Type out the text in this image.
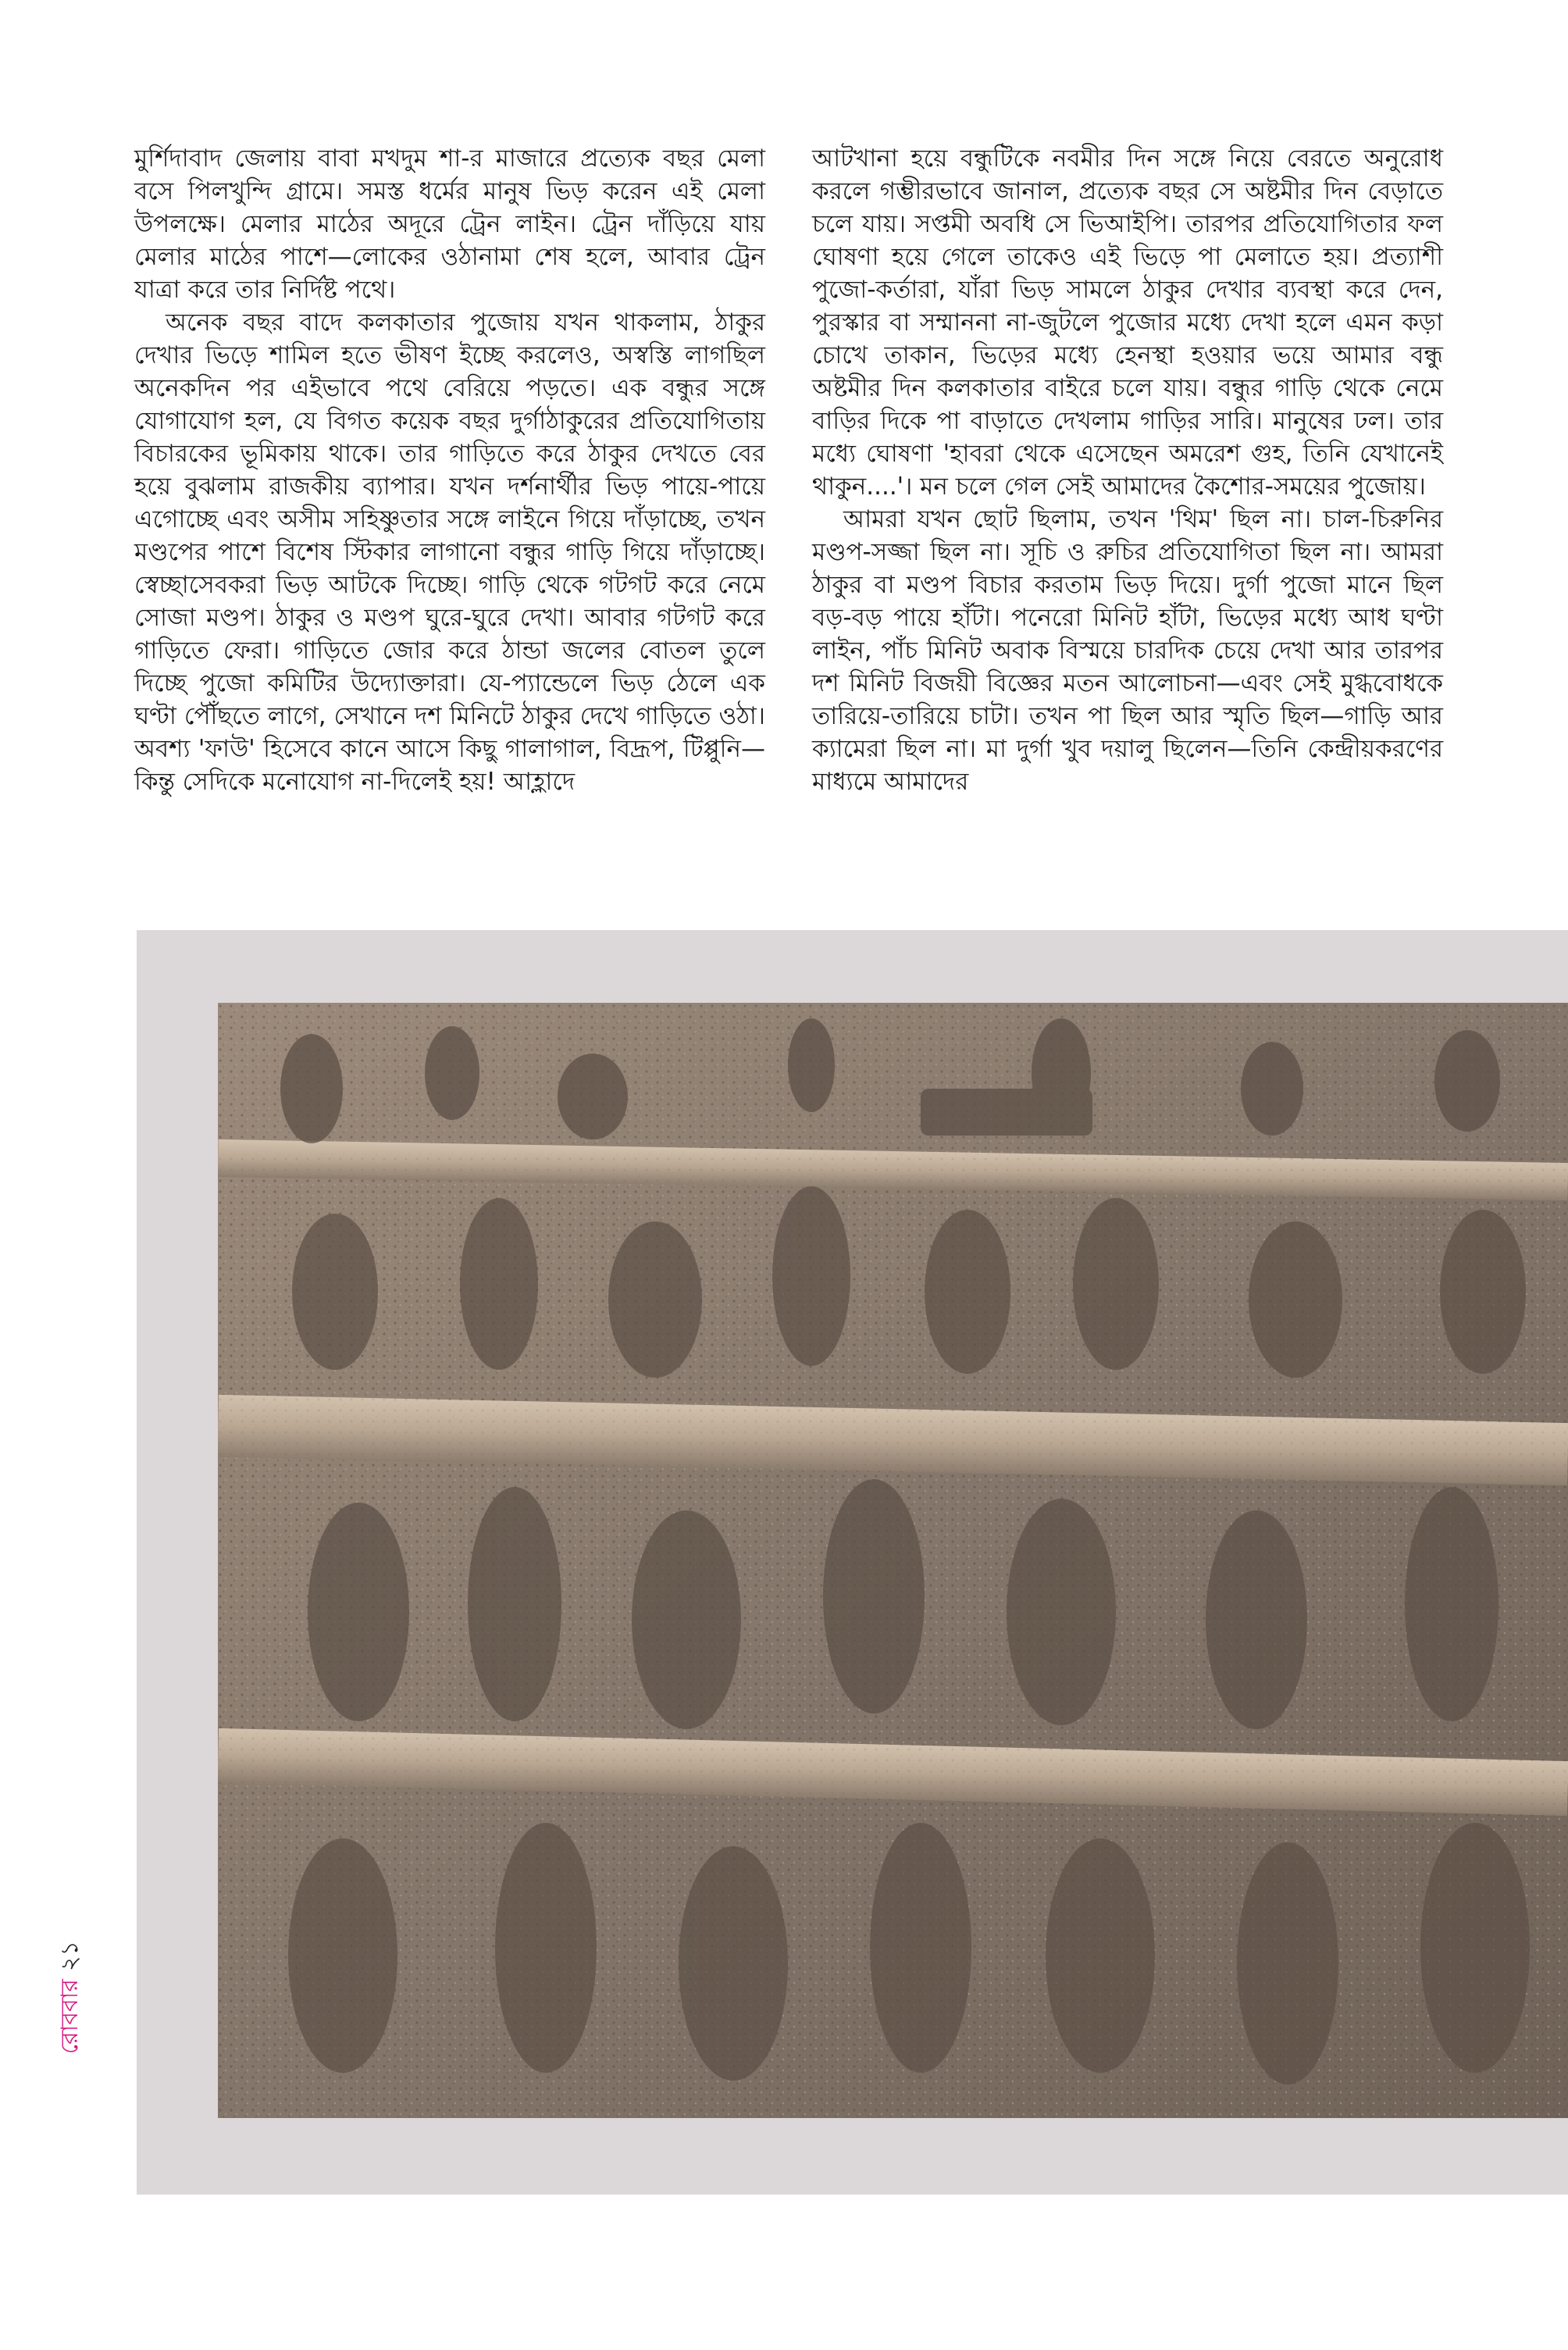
মুর্শিদাবাদ জেলায় বাবা মখদুম শা-র মাজারে প্রত্যেক বছর মেলা বসে পিলখুন্দি গ্রামে। সমস্ত ধর্মের মানুষ ভিড় করেন এই মেলা উপলক্ষে। মেলার মাঠের অদূরে ট্রেন লাইন। ট্রেন দাঁড়িয়ে যায় মেলার মাঠের পাশে—লোকের ওঠানামা শেষ হলে, আবার ট্রেন যাত্রা করে তার নির্দিষ্ট পথে।

অনেক বছর বাদে কলকাতার পুজোয় যখন থাকলাম, ঠাকুর দেখার ভিড়ে শামিল হতে ভীষণ ইচ্ছে করলেও, অস্বস্তি লাগছিল অনেকদিন পর এইভাবে পথে বেরিয়ে পড়তে। এক বন্ধুর সঙ্গে যোগাযোগ হল, যে বিগত কয়েক বছর দুর্গাঠাকুরের প্রতিযোগিতায় বিচারকের ভূমিকায় থাকে। তার গাড়িতে করে ঠাকুর দেখতে বের হয়ে বুঝলাম রাজকীয় ব্যাপার। যখন দর্শনার্থীর ভিড় পায়ে-পায়ে এগোচ্ছে এবং অসীম সহিষ্ণুতার সঙ্গে লাইনে গিয়ে দাঁড়াচ্ছে, তখন মণ্ডপের পাশে বিশেষ স্টিকার লাগানো বন্ধুর গাড়ি গিয়ে দাঁড়াচ্ছে। স্বেচ্ছাসেবকরা ভিড় আটকে দিচ্ছে। গাড়ি থেকে গটগট করে নেমে সোজা মণ্ডপ। ঠাকুর ও মণ্ডপ ঘুরে-ঘুরে দেখা। আবার গটগট করে গাড়িতে ফেরা। গাড়িতে জোর করে ঠান্ডা জলের বোতল তুলে দিচ্ছে পুজো কমিটির উদ্যোক্তারা। যে-প্যান্ডেলে ভিড় ঠেলে এক ঘণ্টা পৌঁছতে লাগে, সেখানে দশ মিনিটে ঠাকুর দেখে গাড়িতে ওঠা। অবশ্য 'ফাউ' হিসেবে কানে আসে কিছু গালাগাল, বিদ্রূপ, টিপ্পুনি—কিন্তু সেদিকে মনোযোগ না-দিলেই হয়! আহ্লাদে

আটখানা হয়ে বন্ধুটিকে নবমীর দিন সঙ্গে নিয়ে বেরতে অনুরোধ করলে গম্ভীরভাবে জানাল, প্রত্যেক বছর সে অষ্টমীর দিন বেড়াতে চলে যায়। সপ্তমী অবধি সে ভিআইপি। তারপর প্রতিযোগিতার ফল ঘোষণা হয়ে গেলে তাকেও এই ভিড়ে পা মেলাতে হয়। প্রত্যাশী পুজো-কর্তারা, যাঁরা ভিড় সামলে ঠাকুর দেখার ব্যবস্থা করে দেন, পুরস্কার বা সম্মাননা না-জুটলে পুজোর মধ্যে দেখা হলে এমন কড়া চোখে তাকান, ভিড়ের মধ্যে হেনস্থা হওয়ার ভয়ে আমার বন্ধু অষ্টমীর দিন কলকাতার বাইরে চলে যায়। বন্ধুর গাড়ি থেকে নেমে বাড়ির দিকে পা বাড়াতে দেখলাম গাড়ির সারি। মানুষের ঢল। তার মধ্যে ঘোষণা 'হাবরা থেকে এসেছেন অমরেশ গুহ, তিনি যেখানেই থাকুন....'। মন চলে গেল সেই আমাদের কৈশোর-সময়ের পুজোয়।

আমরা যখন ছোট ছিলাম, তখন 'থিম' ছিল না। চাল-চিরুনির মণ্ডপ-সজ্জা ছিল না। সূচি ও রুচির প্রতিযোগিতা ছিল না। আমরা ঠাকুর বা মণ্ডপ বিচার করতাম ভিড় দিয়ে। দুর্গা পুজো মানে ছিল বড়-বড় পায়ে হাঁটা। পনেরো মিনিট হাঁটা, ভিড়ের মধ্যে আধ ঘণ্টা লাইন, পাঁচ মিনিট অবাক বিস্ময়ে চারদিক চেয়ে দেখা আর তারপর দশ মিনিট বিজয়ী বিজ্ঞের মতন আলোচনা—এবং সেই মুগ্ধবোধকে তারিয়ে-তারিয়ে চাটা। তখন পা ছিল আর স্মৃতি ছিল—গাড়ি আর ক্যামেরা ছিল না। মা দুর্গা খুব দয়ালু ছিলেন—তিনি কেন্দ্রীয়করণের মাধ্যমে আমাদের

রোববার২১
